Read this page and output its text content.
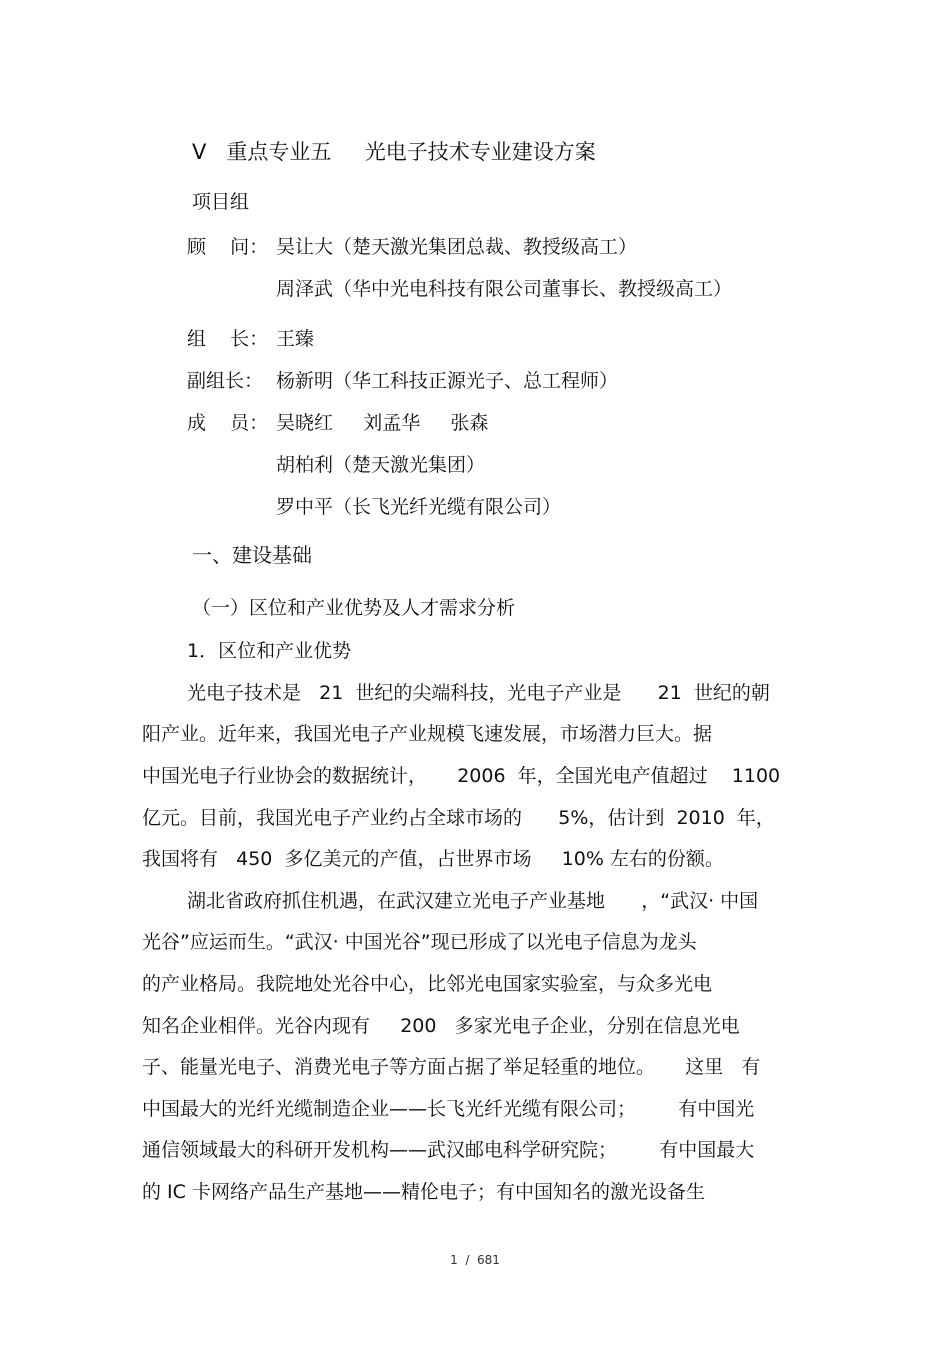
V   重点专业五     光电子技术专业建设方案

项目组

顾    问： 吴让大（楚天激光集团总裁、教授级高工）

周泽武（华中光电科技有限公司董事长、教授级高工）

组    长： 王臻

副组长： 杨新明（华工科技正源光子、总工程师）

成    员： 吴晓红     刘孟华     张森

胡柏利（楚天激光集团）

罗中平（长飞光纤光缆有限公司）

一、建设基础

（一）区位和产业优势及人才需求分析

1．区位和产业优势

光电子技术是   21  世纪的尖端科技，光电子产业是      21  世纪的朝

阳产业。近年来，我国光电子产业规模飞速发展，市场潜力巨大。据

中国光电子行业协会的数据统计，     2006  年，全国光电产值超过    1100

亿元。目前，我国光电子产业约占全球市场的      5%，估计到  2010  年，

我国将有   450  多亿美元的产值，占世界市场     10% 左右的份额。

湖北省政府抓住机遇，在武汉建立光电子产业基地      ，“武汉· 中国

光谷”应运而生。“武汉· 中国光谷”现已形成了以光电子信息为龙头

的产业格局。我院地处光谷中心，比邻光电国家实验室，与众多光电

知名企业相伴。光谷内现有     200   多家光电子企业，分别在信息光电

子、能量光电子、消费光电子等方面占据了举足轻重的地位。     这里   有

中国最大的光纤光缆制造企业——长飞光纤光缆有限公司；       有中国光

通信领域最大的科研开发机构——武汉邮电科学研究院；       有中国最大

的 IC 卡网络产品生产基地——精伦电子；有中国知名的激光设备生

1  /  681
